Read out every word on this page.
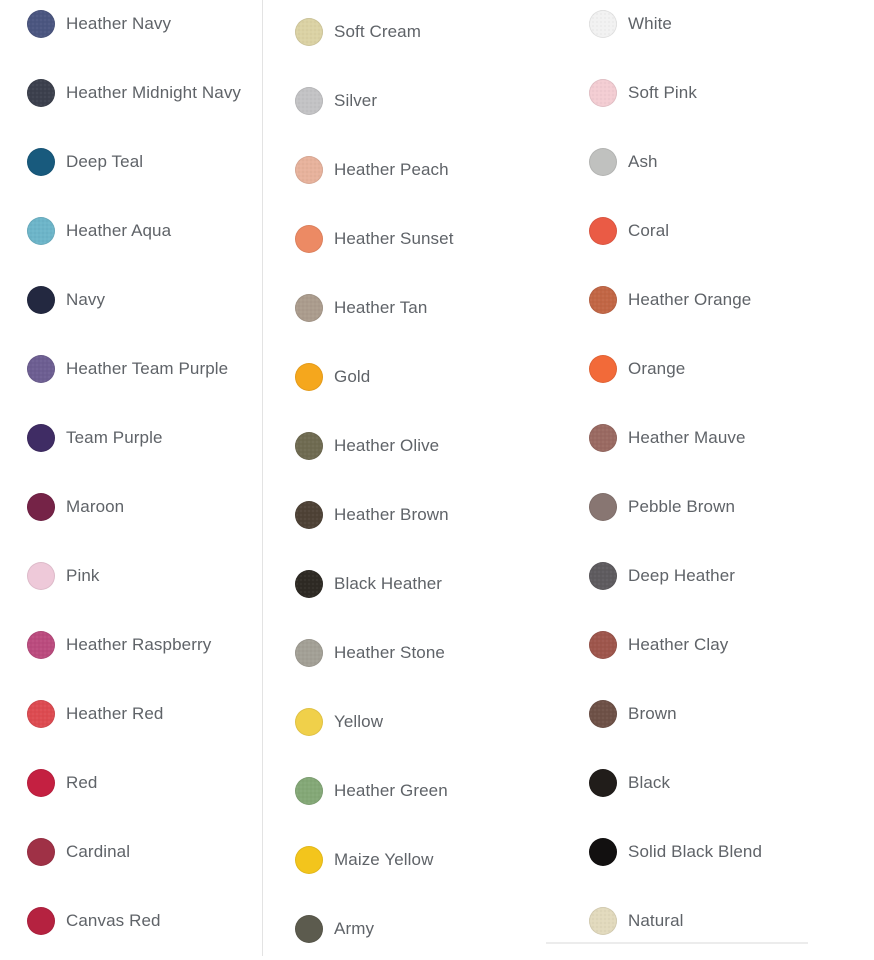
Heather Navy
Heather Midnight Navy
Deep Teal
Heather Aqua
Navy
Heather Team Purple
Team Purple
Maroon
Pink
Heather Raspberry
Heather Red
Red
Cardinal
Canvas Red
Soft Cream
Silver
Heather Peach
Heather Sunset
Heather Tan
Gold
Heather Olive
Heather Brown
Black Heather
Heather Stone
Yellow
Heather Green
Maize Yellow
Army
White
Soft Pink
Ash
Coral
Heather Orange
Orange
Heather Mauve
Pebble Brown
Deep Heather
Heather Clay
Brown
Black
Solid Black Blend
Natural
